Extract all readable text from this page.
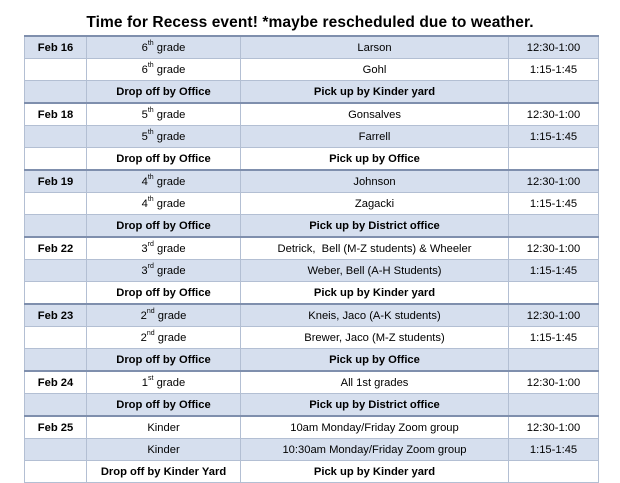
Time for Recess event! *maybe rescheduled due to weather.
Feb 16	6th grade	Larson	12:30-1:00
	6th grade	Gohl	1:15-1:45
	Drop off by Office	Pick up by Kinder yard	
Feb 18	5th grade	Gonsalves	12:30-1:00
	5th grade	Farrell	1:15-1:45
	Drop off by Office	Pick up by Office	
Feb 19	4th grade	Johnson	12:30-1:00
	4th grade	Zagacki	1:15-1:45
	Drop off by Office	Pick up by District office	
Feb 22	3rd grade	Detrick,  Bell (M-Z students) & Wheeler	12:30-1:00
	3rd grade	Weber, Bell (A-H Students)	1:15-1:45
	Drop off by Office	Pick up by Kinder yard	
Feb 23	2nd grade	Kneis, Jaco (A-K students)	12:30-1:00
	2nd grade	Brewer, Jaco (M-Z students)	1:15-1:45
	Drop off by Office	Pick up by Office	
Feb 24	1st grade	All 1st grades	12:30-1:00
	Drop off by Office	Pick up by District office	
Feb 25	Kinder	10am Monday/Friday Zoom group	12:30-1:00
	Kinder	10:30am Monday/Friday Zoom group	1:15-1:45
	Drop off by Kinder Yard	Pick up by Kinder yard	
